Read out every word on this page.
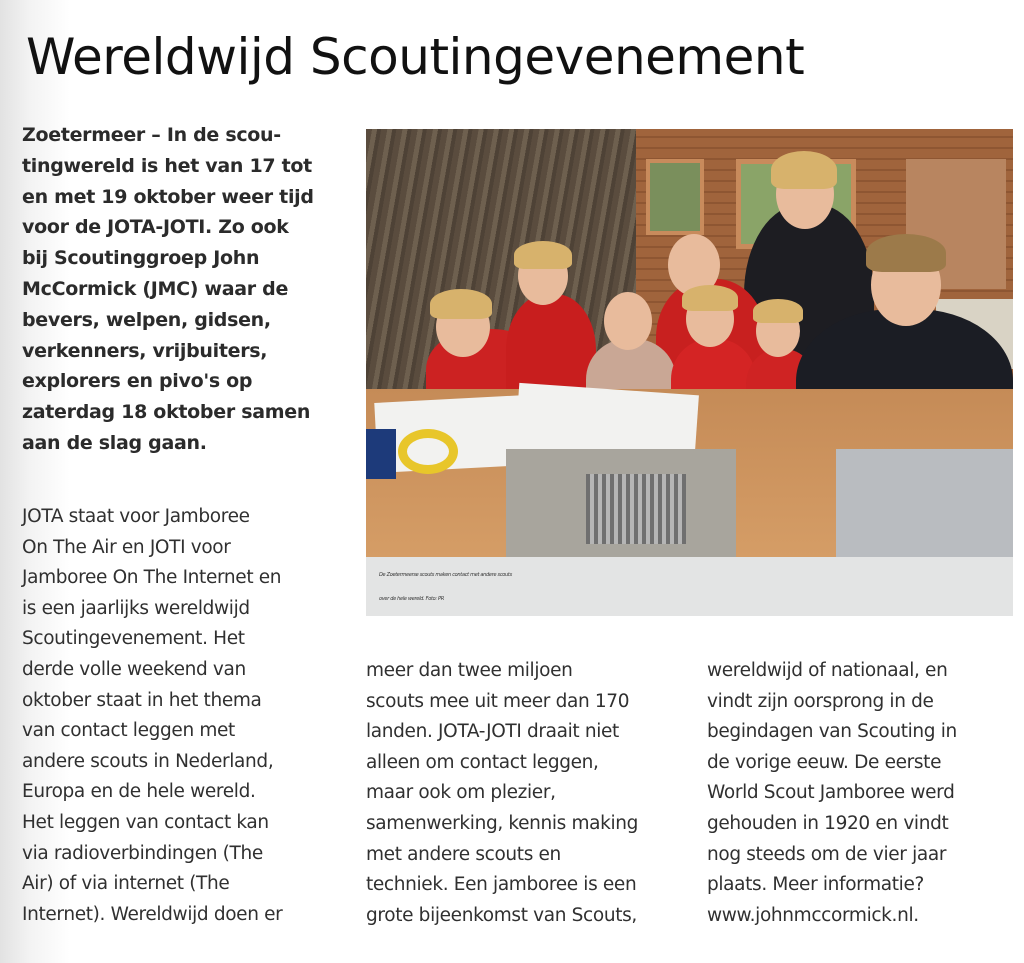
Wereldwijd Scoutingevenement

Zoetermeer – In de scou-
tingwereld is het van 17 tot
en met 19 oktober weer tijd
voor de JOTA-JOTI. Zo ook
bij Scoutinggroep John
McCormick (JMC) waar de
bevers, welpen, gidsen,
verkenners, vrijbuiters,
explorers en pivo's op
zaterdag 18 oktober samen
aan de slag gaan.

JOTA staat voor Jamboree
On The Air en JOTI voor
Jamboree On The Internet en
is een jaarlijks wereldwijd
Scoutingevenement. Het
derde volle weekend van
oktober staat in het thema
van contact leggen met
andere scouts in Nederland,
Europa en de hele wereld.
Het leggen van contact kan
via radioverbindingen (The
Air) of via internet (The
Internet). Wereldwijd doen er

De Zoetermeerse scouts maken contact met andere scouts
over de hele wereld. Foto: PR

meer dan twee miljoen
scouts mee uit meer dan 170
landen. JOTA-JOTI draait niet
alleen om contact leggen,
maar ook om plezier,
samenwerking, kennis making
met andere scouts en
techniek. Een jamboree is een
grote bijeenkomst van Scouts,

wereldwijd of nationaal, en
vindt zijn oorsprong in de
begindagen van Scouting in
de vorige eeuw. De eerste
World Scout Jamboree werd
gehouden in 1920 en vindt
nog steeds om de vier jaar
plaats. Meer informatie?
www.johnmccormick.nl.
